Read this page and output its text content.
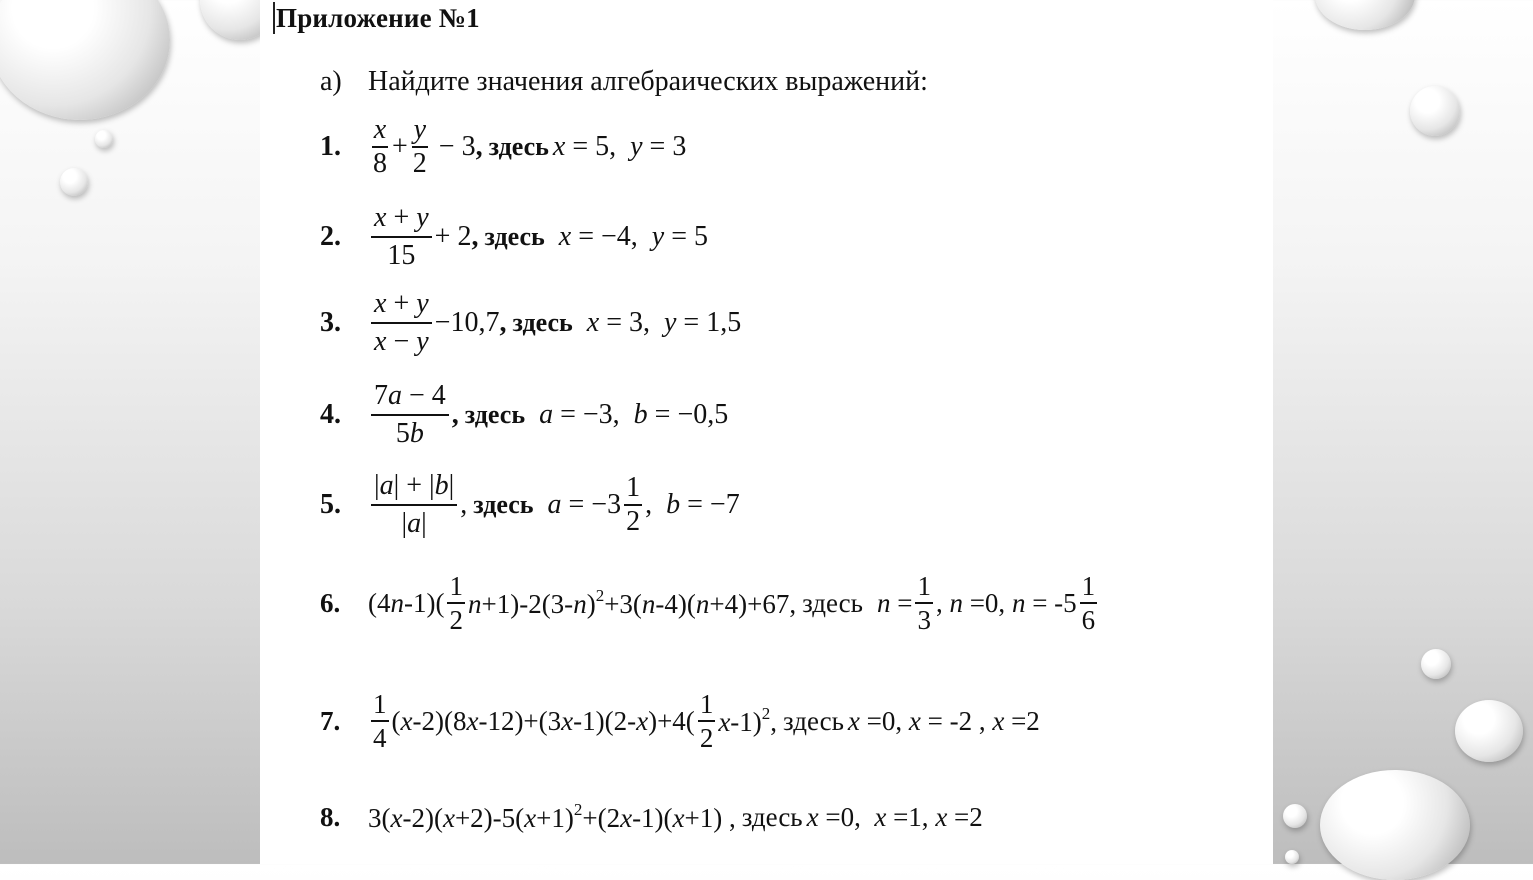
Приложение №1
а) Найдите значения алгебраических выражений:
1.	$\frac{x}{8} + \frac{y}{2} - 3$ , здесь x = 5, y = 3
2.	$\frac{x + y}{15} + 2$ , здесь x = −4, y = 5
3.	$\frac{x + y}{x - y} -10,7$ , здесь x = 3, y = 1,5
4.	$\frac{7a - 4}{5b}$ , здесь a = −3, b = −0,5
5.	$\frac{|a| + |b|}{|a|}$ , здесь $a = -3 \frac{1}{2}$ ,  b = −7
6.	$(4n-1)( \frac{1}{2} n+1)-2(3-n)^2+3(n-4)(n+4)+67$, здесь $n = \frac{1}{3}$ , n =0, $n = -5 \frac{1}{6}$
7.	$\frac{1}{4} (x-2)(8x-12)+(3x-1)(2-x)+4( \frac{1}{2} x-1)^2$, здесь x =0, x = -2 , x =2
8.	$3(x-2)(x+2)-5(x+1)^2+(2x-1)(x+1)$ , здесь x =0,  x =1, x =2
